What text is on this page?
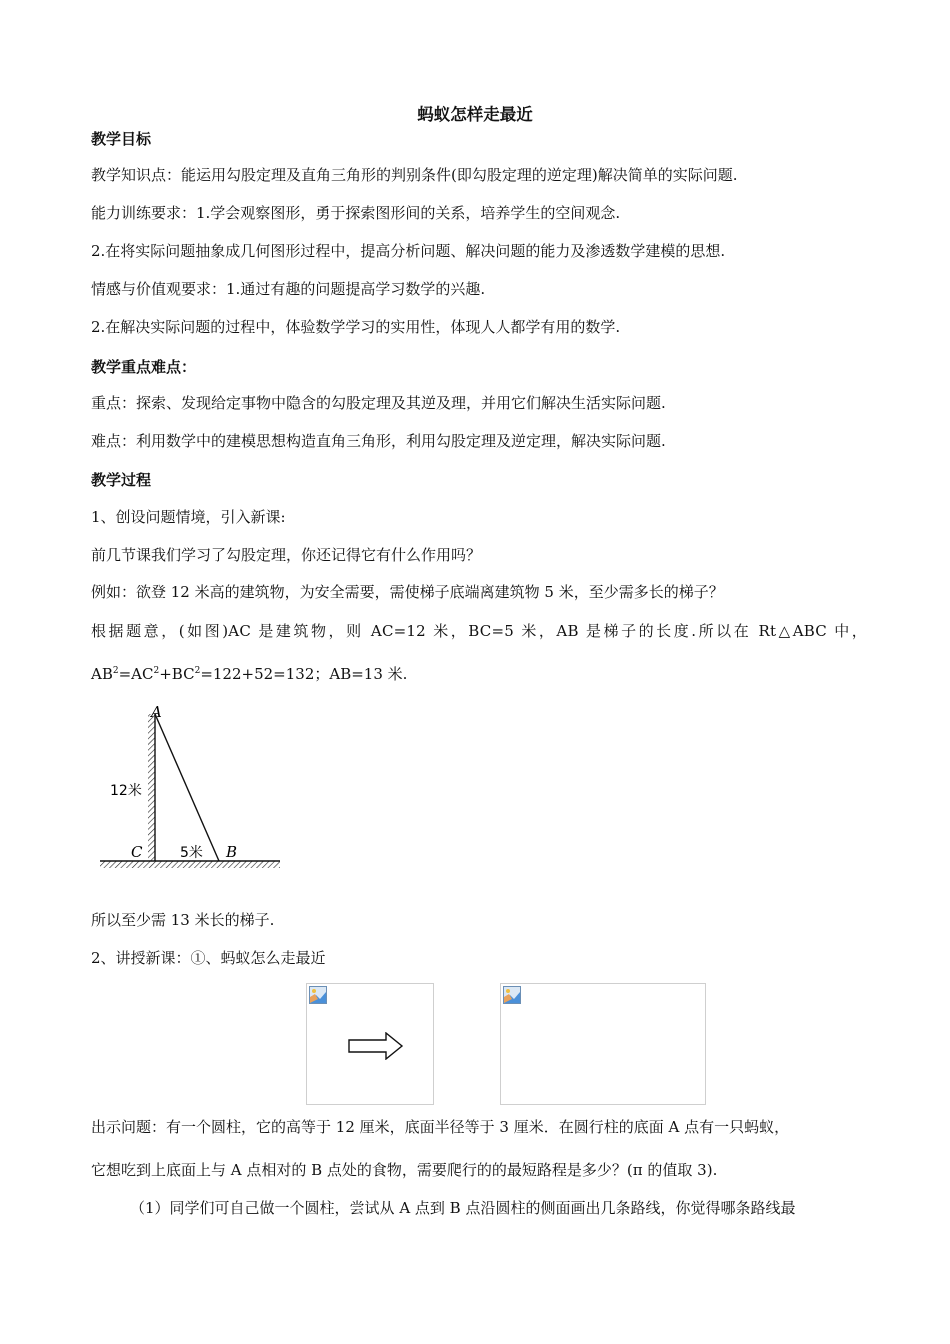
蚂蚁怎样走最近
教学目标
教学知识点：能运用勾股定理及直角三角形的判别条件(即勾股定理的逆定理)解决简单的实际问题.
能力训练要求：1.学会观察图形，勇于探索图形间的关系，培养学生的空间观念.
2.在将实际问题抽象成几何图形过程中，提高分析问题、解决问题的能力及渗透数学建模的思想.
情感与价值观要求：1.通过有趣的问题提高学习数学的兴趣.
2.在解决实际问题的过程中，体验数学学习的实用性，体现人人都学有用的数学.
教学重点难点：
重点：探索、发现给定事物中隐含的勾股定理及其逆及理，并用它们解决生活实际问题.
难点：利用数学中的建模思想构造直角三角形，利用勾股定理及逆定理，解决实际问题.
教学过程
1、创设问题情境，引入新课:
前几节课我们学习了勾股定理，你还记得它有什么作用吗？
例如：欲登 12 米高的建筑物，为安全需要，需使梯子底端离建筑物 5 米，至少需多长的梯子？
根据题意，(如图)AC 是建筑物，则 AC=12 米，BC=5 米，AB 是梯子的长度.所以在 Rt△ABC 中，
$AB^2=AC^2+BC^2=122+52=132$；AB=13 米.
A
C	B
12米
5米
所以至少需 13 米长的梯子.
2、讲授新课：①、蚂蚁怎么走最近
出示问题：有一个圆柱，它的高等于 12 厘米，底面半径等于 3 厘米．在圆行柱的底面 A 点有一只蚂蚁，
它想吃到上底面上与 A 点相对的 B 点处的食物，需要爬行的的最短路程是多少？(π 的值取 3).
（1）同学们可自己做一个圆柱，尝试从 A 点到 B 点沿圆柱的侧面画出几条路线，你觉得哪条路线最
